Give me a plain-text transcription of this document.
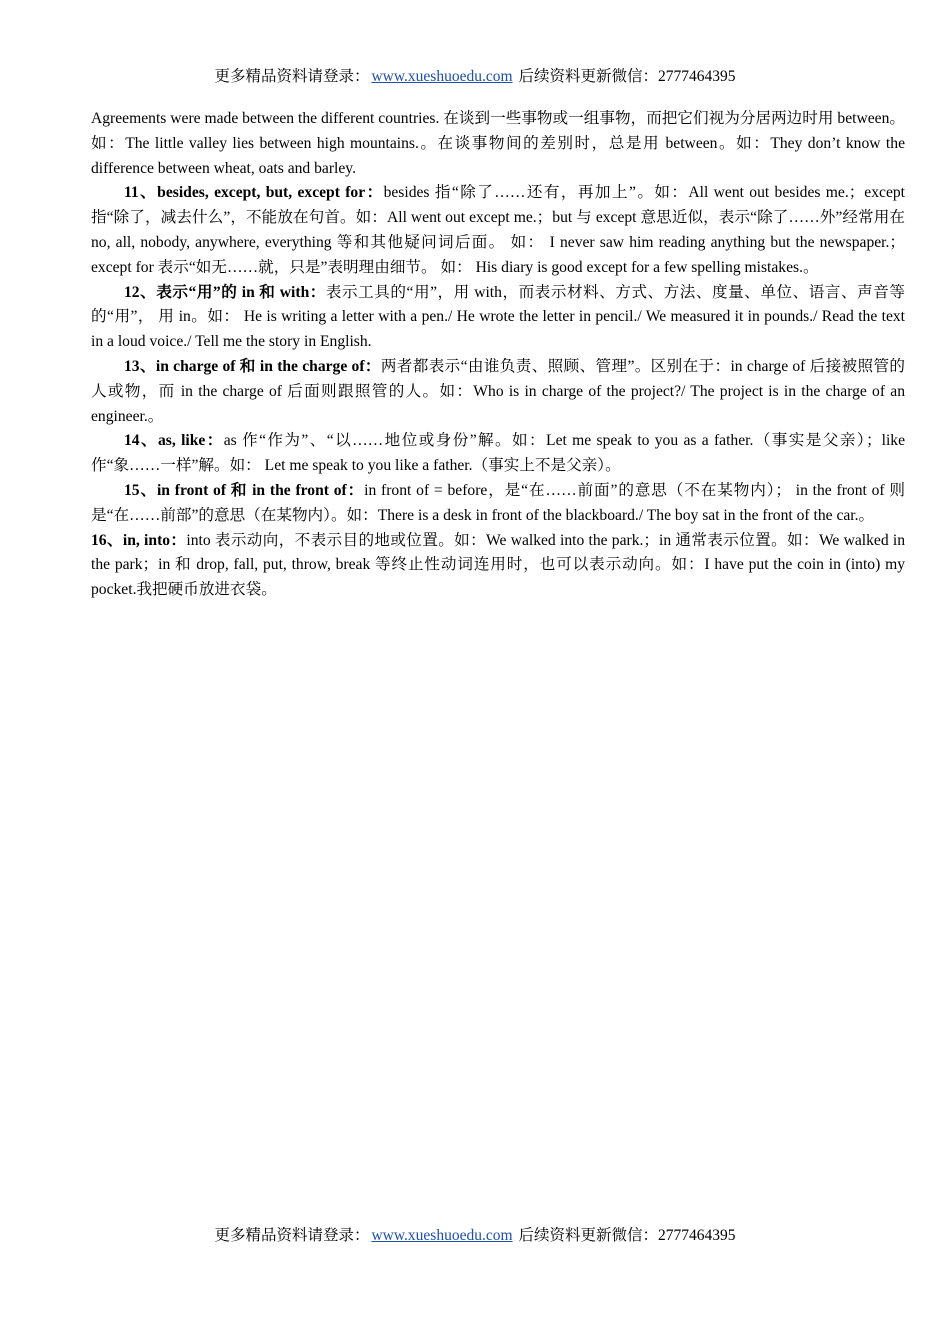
更多精品资料请登录： www.xueshuoedu.com 后续资料更新微信：2777464395

Agreements were made between the different countries. 在谈到一些事物或一组事物，而把它们视为分居两边时用 between。如：The little valley lies between high mountains.。在谈事物间的差别时，总是用 between。如：They don’t know the difference between wheat, oats and barley.

11、besides, except, but, except for：besides 指“除了……还有，再加上”。如：All went out besides me.；except 指“除了，减去什么”，不能放在句首。如：All went out except me.；but 与 except 意思近似，表示“除了……外”经常用在 no, all, nobody, anywhere, everything 等和其他疑问词后面。 如： I never saw him reading anything but the newspaper.； except for 表示“如无……就，只是”表明理由细节。 如： His diary is good except for a few spelling mistakes.。

12、表示“用”的 in 和 with：表示工具的“用”，用 with，而表示材料、方式、方法、度量、单位、语言、声音等的“用”， 用 in。如： He is writing a letter with a pen./ He wrote the letter in pencil./ We measured it in pounds./ Read the text in a loud voice./ Tell me the story in English.

13、in charge of 和 in the charge of：两者都表示“由谁负责、照顾、管理”。区别在于：in charge of 后接被照管的人或物，而 in the charge of 后面则跟照管的人。如：Who is in charge of the project?/ The project is in the charge of an engineer.。

14、as, like：as 作“作为”、“以……地位或身份”解。如：Let me speak to you as a father.（事实是父亲）；like 作“象……一样”解。如： Let me speak to you like a father.（事实上不是父亲）。

15、in front of 和 in the front of：in front of = before，是“在……前面”的意思（不在某物内）； in the front of 则是“在……前部”的意思（在某物内）。如：There is a desk in front of the blackboard./ The boy sat in the front of the car.。

16、in, into：into 表示动向，不表示目的地或位置。如：We walked into the park.；in 通常表示位置。如：We walked in the park；in 和 drop, fall, put, throw, break 等终止性动词连用时，也可以表示动向。如：I have put the coin in (into) my pocket.我把硬币放进衣袋。

更多精品资料请登录： www.xueshuoedu.com 后续资料更新微信：2777464395
